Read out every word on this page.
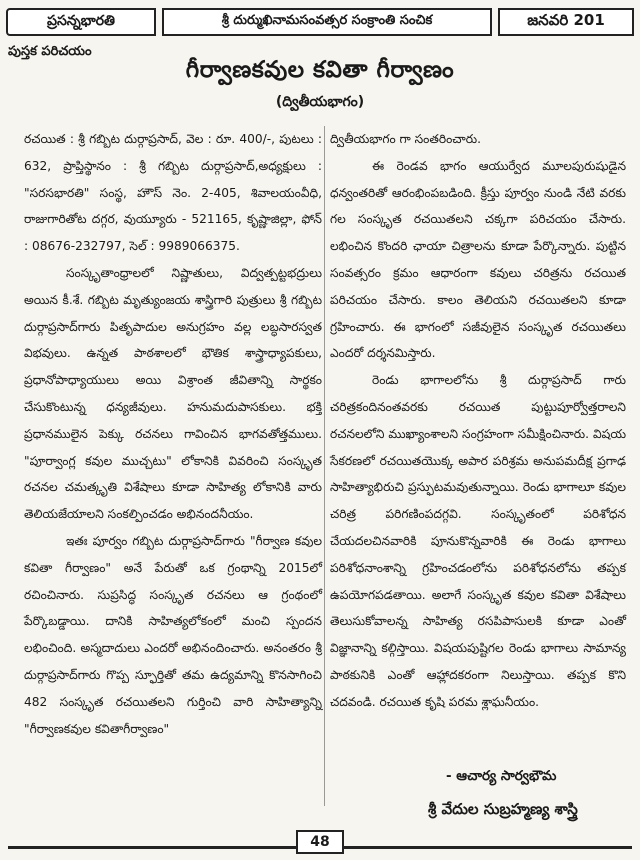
ప్రసన్నభారతి	శ్రీ దుర్ముఖినామసంవత్సర సంక్రాంతి సంచిక	జనవరి 201
పుస్తక పరిచయం
గీర్వాణకవుల కవితా గీర్వాణం
(ద్వితీయభాగం)

రచయిత : శ్రీ గబ్బిట దుర్గాప్రసాద్, వెల : రూ. 400/-, పుటలు : 632, ప్రాప్తిస్థానం : శ్రీ గబ్బిట దుర్గాప్రసాద్,అధ్యక్షులు : "సరసభారతి" సంస్థ, హౌస్ నెం. 2-405, శివాలయంవీధి, రాజుగారితోట దగ్గర, వుయ్యూరు - 521165, కృష్ణాజిల్లా, ఫోన్ : 08676-232797, సెల్ : 9989066375.

సంస్కృతాంధ్రాలలో నిష్ణాతులు, విద్వత్పట్టభద్రులు అయిన కీ.శే. గబ్బిట మృత్యుంజయ శాస్త్రిగారి పుత్రులు శ్రీ గబ్బిట దుర్గాప్రసాద్‌గారు పితృపాదుల అనుగ్రహం వల్ల లబ్ధసారస్వత విభవులు. ఉన్నత పాఠశాలలో భౌతిక శాస్త్రాధ్యాపకులు, ప్రధానోపాధ్యాయులు అయి విశ్రాంత జీవితాన్ని సార్థకం చేసుకొంటున్న ధన్యజీవులు. హనుమదుపాసకులు. భక్తి ప్రధానములైన పెక్కు రచనలు గావించిన భాగవతోత్తములు. "పూర్వాంగ్ల కవుల ముచ్చటు" లోకానికి వివరించి సంస్కృత రచనల చమత్కృతి విశేషాలు కూడా సాహిత్య లోకానికి వారు తెలియజేయాలని సంకల్పించడం అభినందనీయం.

ఇతః పూర్వం గబ్బిట దుర్గాప్రసాద్‌గారు "గీర్వాణ కవుల కవితా గీర్వాణం" అనే పేరుతో ఒక గ్రంథాన్ని 2015లో రచించినారు. సుప్రసిద్ధ సంస్కృత రచనలు ఆ గ్రంథంలో పేర్కొబడ్డాయి. దానికి సాహిత్యలోకంలో మంచి స్పందన లభించింది. అస్మదాదులు ఎందరో అభినందించారు. అనంతరం శ్రీ దుర్గాప్రసాద్‌గారు గొప్ప స్ఫూర్తితో తమ ఉద్యమాన్ని కొనసాగించి 482 సంస్కృత రచయితలని గుర్తించి వారి సాహిత్యాన్ని "గీర్వాణకవుల కవితాగీర్వాణం"

ద్వితీయభాగం గా సంతరించారు.

ఈ రెండవ భాగం ఆయుర్వేద మూలపురుషుడైన ధన్వంతరితో ఆరంభింపబడింది. క్రీస్తు పూర్వం నుండి నేటి వరకు గల సంస్కృత రచయితలని చక్కగా పరిచయం చేసారు. లభించిన కొందరి ఛాయా చిత్రాలను కూడా పేర్కొన్నారు. పుట్టిన సంవత్సరం క్రమం ఆధారంగా కవులు చరిత్రను రచయిత పరిచయం చేసారు. కాలం తెలియని రచయితలని కూడా గ్రహించారు. ఈ భాగంలో సజీవులైన సంస్కృత రచయితలు ఎందరో దర్శనమిస్తారు.

రెండు భాగాలలోను శ్రీ దుర్గాప్రసాద్ గారు చరిత్రకందినంతవరకు రచయిత పుట్టుపూర్వోత్తరాలని రచనలలోని ముఖ్యాంశాలని సంగ్రహంగా సమీక్షించినారు. విషయ సేకరణలో రచయితయొక్క అపార పరిశ్రమ అనుపమదీక్ష ప్రగాఢ సాహిత్యాభిరుచి ప్రస్ఫుటమవుతున్నాయి. రెండు భాగాలూ కవుల చరిత్ర పరిగణింపదగ్గవి. సంస్కృతంలో పరిశోధన చేయదలచినవారికి పూనుకొన్నవారికి ఈ రెండు భాగాలు పరిశోధనాంశాన్ని గ్రహించడంలోను పరిశోధనలోను తప్పక ఉపయోగపడతాయి. అలాగే సంస్కృత కవుల కవితా విశేషాలు తెలుసుకోవాలన్న సాహిత్య రసపిపాసులకి కూడా ఎంతో విజ్ఞానాన్ని కల్గిస్తాయి. విషయపుష్టిగల రెండు భాగాలు సామాన్య పాఠకునికి ఎంతో ఆహ్లాదకరంగా నిలుస్తాయి. తప్పక కొని చదవండి. రచయిత కృషి పరమ శ్లాఘనీయం.

- ఆచార్య సార్వభౌమ
శ్రీ వేదుల సుబ్రహ్మణ్య శాస్త్రి
48
